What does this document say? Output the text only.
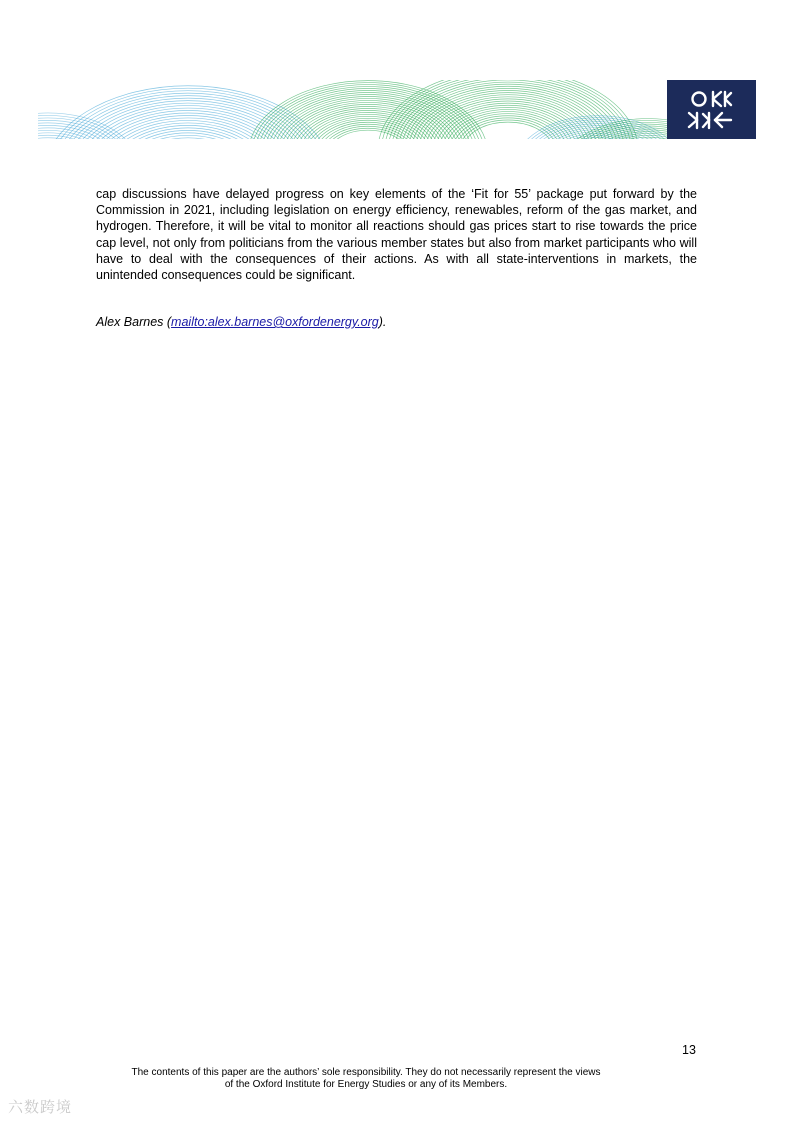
cap discussions have delayed progress on key elements of the ‘Fit for 55’ package put forward by the Commission in 2021, including legislation on energy efficiency, renewables, reform of the gas market, and hydrogen. Therefore, it will be vital to monitor all reactions should gas prices start to rise towards the price cap level, not only from politicians from the various member states but also from market participants who will have to deal with the consequences of their actions. As with all state-interventions in markets, the unintended consequences could be significant.

Alex Barnes (mailto:alex.barnes@oxfordenergy.org).

13
The contents of this paper are the authors’ sole responsibility. They do not necessarily represent the views
of the Oxford Institute for Energy Studies or any of its Members.
六数跨境
